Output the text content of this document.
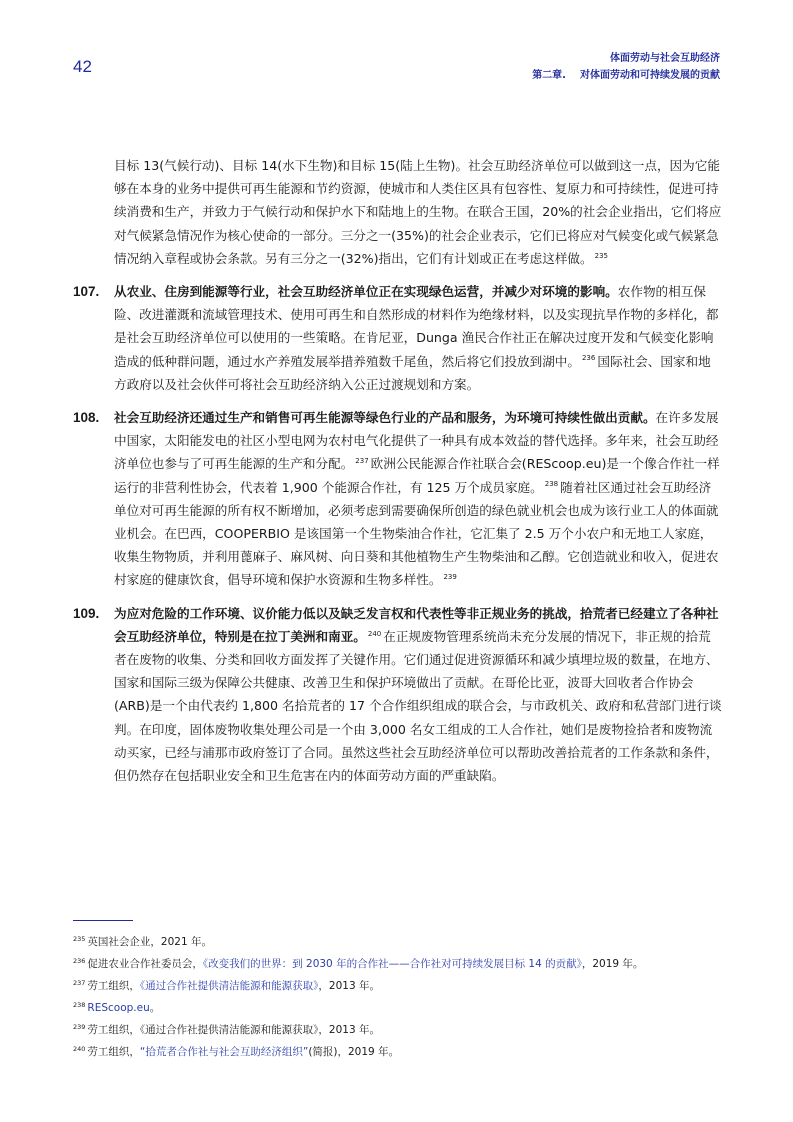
42	体面劳动与社会互助经济
第二章. 对体面劳动和可持续发展的贡献
目标 13(气候行动)、目标 14(水下生物)和目标 15(陆上生物)。社会互助经济单位可以做到这一点，因为它能够在本身的业务中提供可再生能源和节约资源，使城市和人类住区具有包容性、复原力和可持续性，促进可持续消费和生产，并致力于气候行动和保护水下和陆地上的生物。在联合王国，20%的社会企业指出，它们将应对气候紧急情况作为核心使命的一部分。三分之一(35%)的社会企业表示，它们已将应对气候变化或气候紧急情况纳入章程或协会条款。另有三分之一(32%)指出，它们有计划或正在考虑这样做。 $^{235}$
107. 从农业、住房到能源等行业，社会互助经济单位正在实现绿色运营，并减少对环境的影响。农作物的相互保险、改进灌溉和流域管理技术、使用可再生和自然形成的材料作为绝缘材料，以及实现抗旱作物的多样化，都是社会互助经济单位可以使用的一些策略。在肯尼亚，Dunga 渔民合作社正在解决过度开发和气候变化影响造成的低种群问题，通过水产养殖发展举措养殖数千尾鱼，然后将它们投放到湖中。 $^{236}$ 国际社会、国家和地方政府以及社会伙伴可将社会互助经济纳入公正过渡规划和方案。
108. 社会互助经济还通过生产和销售可再生能源等绿色行业的产品和服务，为环境可持续性做出贡献。在许多发展中国家，太阳能发电的社区小型电网为农村电气化提供了一种具有成本效益的替代选择。多年来，社会互助经济单位也参与了可再生能源的生产和分配。 $^{237}$ 欧洲公民能源合作社联合会(REScoop.eu)是一个像合作社一样运行的非营利性协会，代表着 1,900 个能源合作社，有 125 万个成员家庭。 $^{238}$ 随着社区通过社会互助经济单位对可再生能源的所有权不断增加，必须考虑到需要确保所创造的绿色就业机会也成为该行业工人的体面就业机会。在巴西，COOPERBIO 是该国第一个生物柴油合作社，它汇集了 2.5 万个小农户和无地工人家庭，收集生物物质，并利用蓖麻子、麻风树、向日葵和其他植物生产生物柴油和乙醇。它创造就业和收入，促进农村家庭的健康饮食，倡导环境和保护水资源和生物多样性。 $^{239}$
109. 为应对危险的工作环境、议价能力低以及缺乏发言权和代表性等非正规业务的挑战，拾荒者已经建立了各种社会互助经济单位，特别是在拉丁美洲和南亚。 $^{240}$ 在正规废物管理系统尚未充分发展的情况下，非正规的拾荒者在废物的收集、分类和回收方面发挥了关键作用。它们通过促进资源循环和减少填埋垃圾的数量，在地方、国家和国际三级为保障公共健康、改善卫生和保护环境做出了贡献。在哥伦比亚，波哥大回收者合作协会(ARB)是一个由代表约 1,800 名拾荒者的 17 个合作组织组成的联合会，与市政机关、政府和私营部门进行谈判。在印度，固体废物收集处理公司是一个由 3,000 名女工组成的工人合作社，她们是废物捡拾者和废物流动买家，已经与浦那市政府签订了合同。虽然这些社会互助经济单位可以帮助改善拾荒者的工作条款和条件，但仍然存在包括职业安全和卫生危害在内的体面劳动方面的严重缺陷。
$^{235}$ 英国社会企业，2021 年。
$^{236}$ 促进农业合作社委员会，《改变我们的世界：到 2030 年的合作社——合作社对可持续发展目标 14 的贡献》，2019 年。
$^{237}$ 劳工组织，《通过合作社提供清洁能源和能源获取》，2013 年。
$^{238}$ REScoop.eu。
$^{239}$ 劳工组织，《通过合作社提供清洁能源和能源获取》，2013 年。
$^{240}$ 劳工组织，“拾荒者合作社与社会互助经济组织”(简报)，2019 年。
